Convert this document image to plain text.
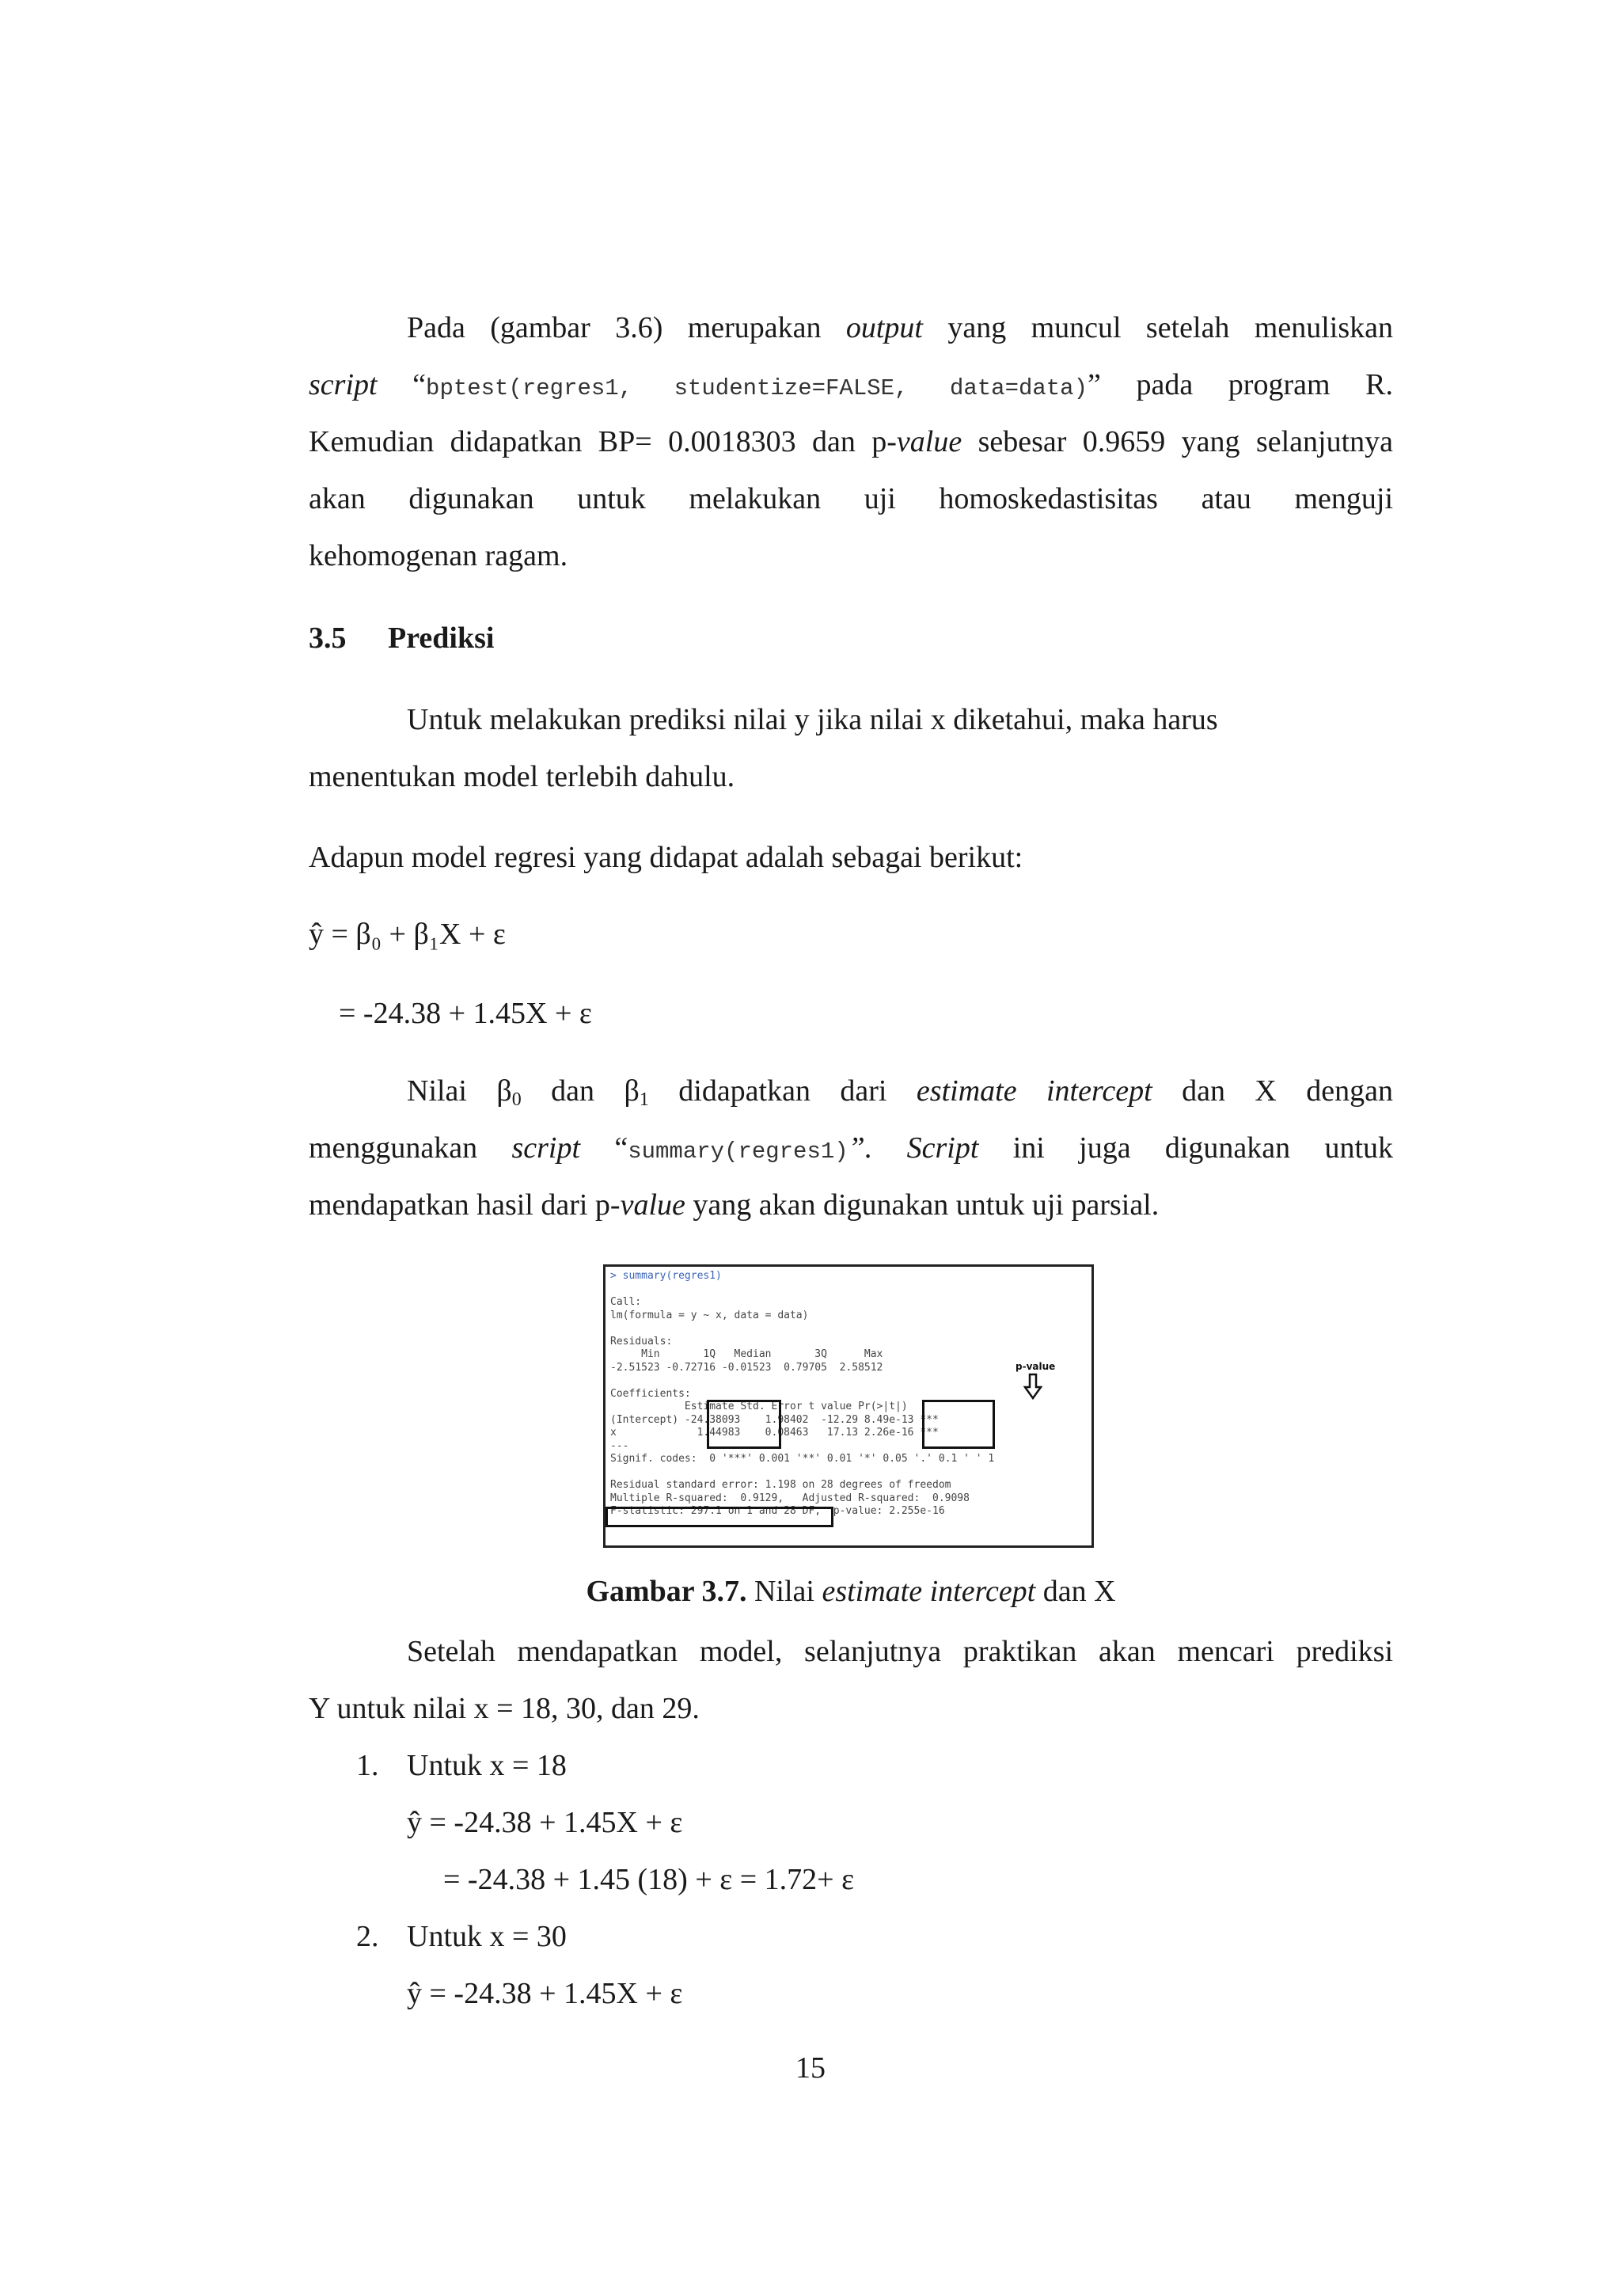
Pada (gambar 3.6) merupakan output yang muncul setelah menuliskan
script “bptest(regres1, studentize=FALSE, data=data)” pada program R.
Kemudian didapatkan BP= 0.0018303 dan p-value sebesar 0.9659 yang selanjutnya
akan digunakan untuk melakukan uji homoskedastisitas atau menguji
kehomogenan ragam.
3.5 Prediksi
Untuk melakukan prediksi nilai y jika nilai x diketahui, maka harus
menentukan model terlebih dahulu.
Adapun model regresi yang didapat adalah sebagai berikut:
ŷ = β₀ + β₁X + ε
= -24.38 + 1.45X + ε
Nilai $\beta_0$ dan $\beta_1$ didapatkan dari estimate intercept dan X dengan
menggunakan script “summary(regres1)”. Script ini juga digunakan untuk
mendapatkan hasil dari p-value yang akan digunakan untuk uji parsial.
> summary(regres1)
Call:
lm(formula = y ~ x, data = data)
Residuals:
Min       1Q   Median       3Q      Max
-2.51523 -0.72716 -0.01523  0.79705  2.58512
Coefficients:
Estimate Std. Error t value Pr(>|t|)
(Intercept) -24.38093    1.98402  -12.29 8.49e-13 ***
x             1.44983    0.08463   17.13 2.26e-16 ***
---
Signif. codes:  0 '***' 0.001 '**' 0.01 '*' 0.05 '.' 0.1 ' ' 1
Residual standard error: 1.198 on 28 degrees of freedom
Multiple R-squared:  0.9129,   Adjusted R-squared:  0.9098
F-statistic: 297.1 on 1 and 28 DF,  p-value: 2.255e-16
p-value
Gambar 3.7. Nilai estimate intercept dan X
Setelah mendapatkan model, selanjutnya praktikan akan mencari prediksi
Y untuk nilai x = 18, 30, dan 29.
1. Untuk x = 18
ŷ = -24.38 + 1.45X + ε
= -24.38 + 1.45 (18) + ε = 1.72+ ε
2. Untuk x = 30
ŷ = -24.38 + 1.45X + ε
15
